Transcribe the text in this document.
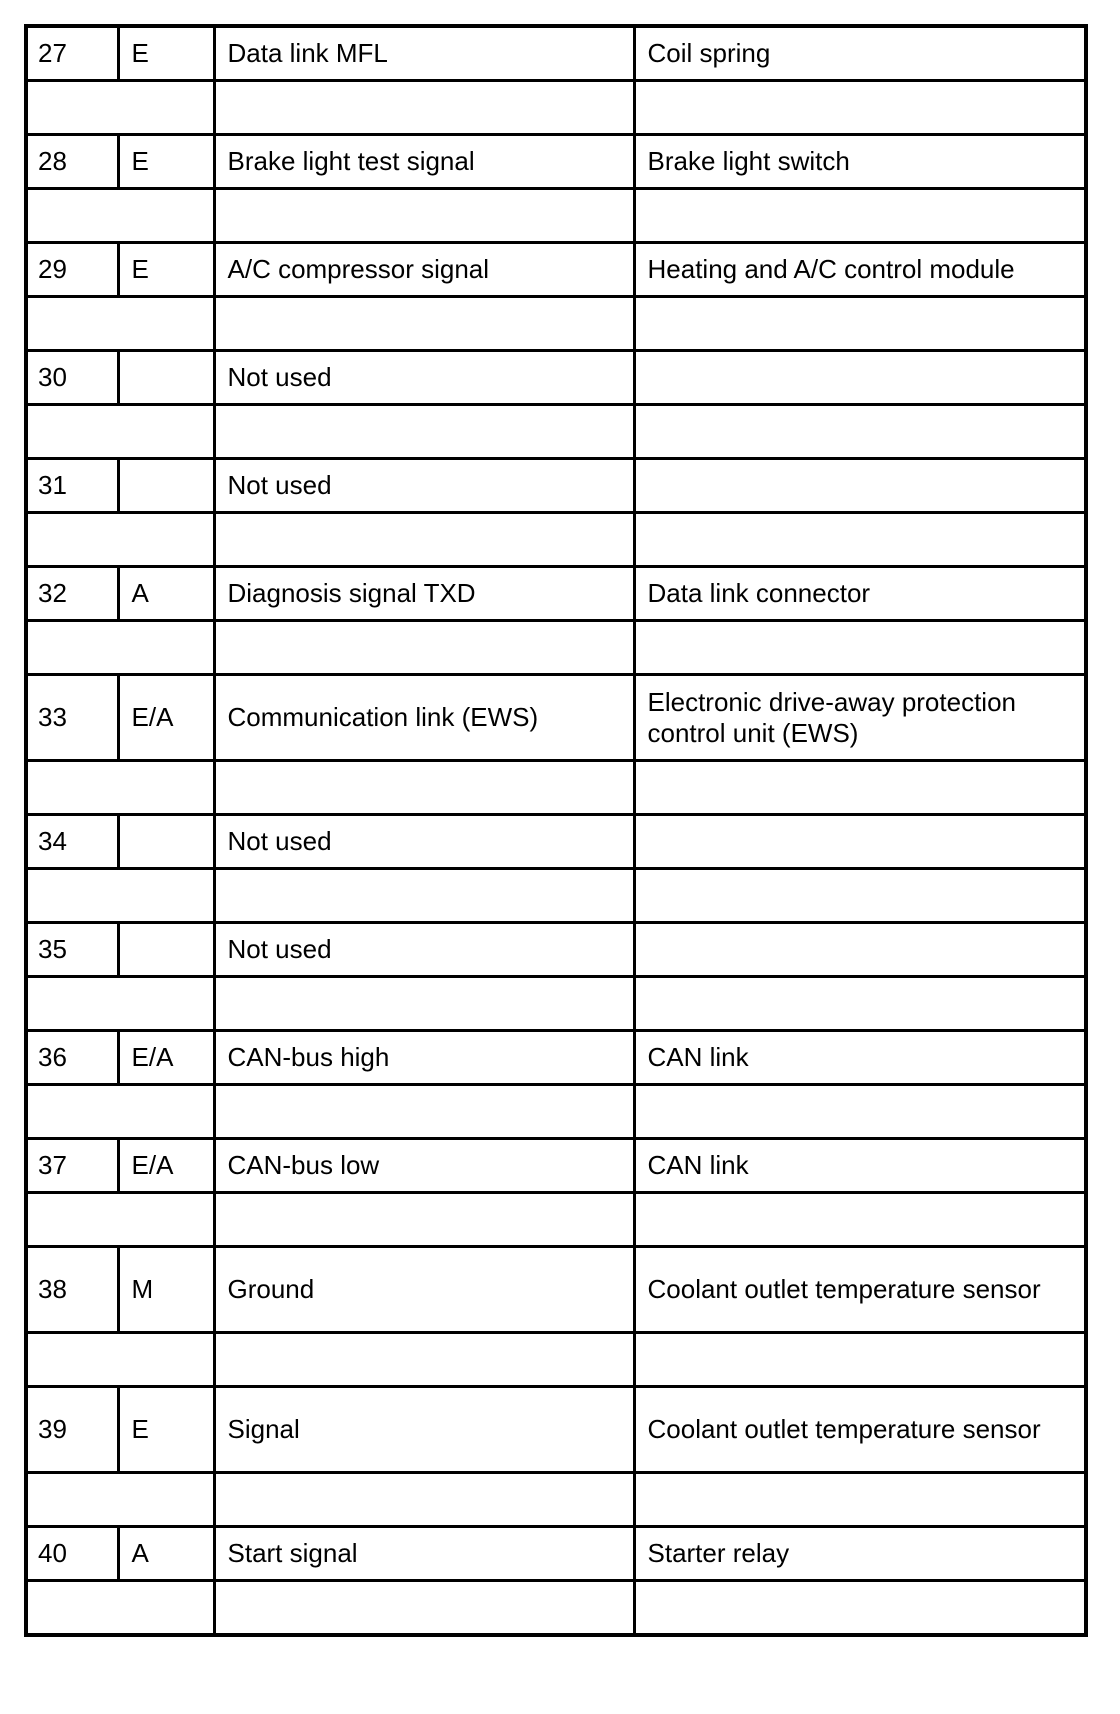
27	E	Data link MFL	Coil spring

28	E	Brake light test signal	Brake light switch

29	E	A/C compressor signal	Heating and A/C control module

30		Not used	

31		Not used	

32	A	Diagnosis signal TXD	Data link connector

33	E/A	Communication link (EWS)	Electronic drive-away protection control unit (EWS)

34		Not used	

35		Not used	

36	E/A	CAN-bus high	CAN link

37	E/A	CAN-bus low	CAN link

38	M	Ground	Coolant outlet temperature sensor

39	E	Signal	Coolant outlet temperature sensor

40	A	Start signal	Starter relay
